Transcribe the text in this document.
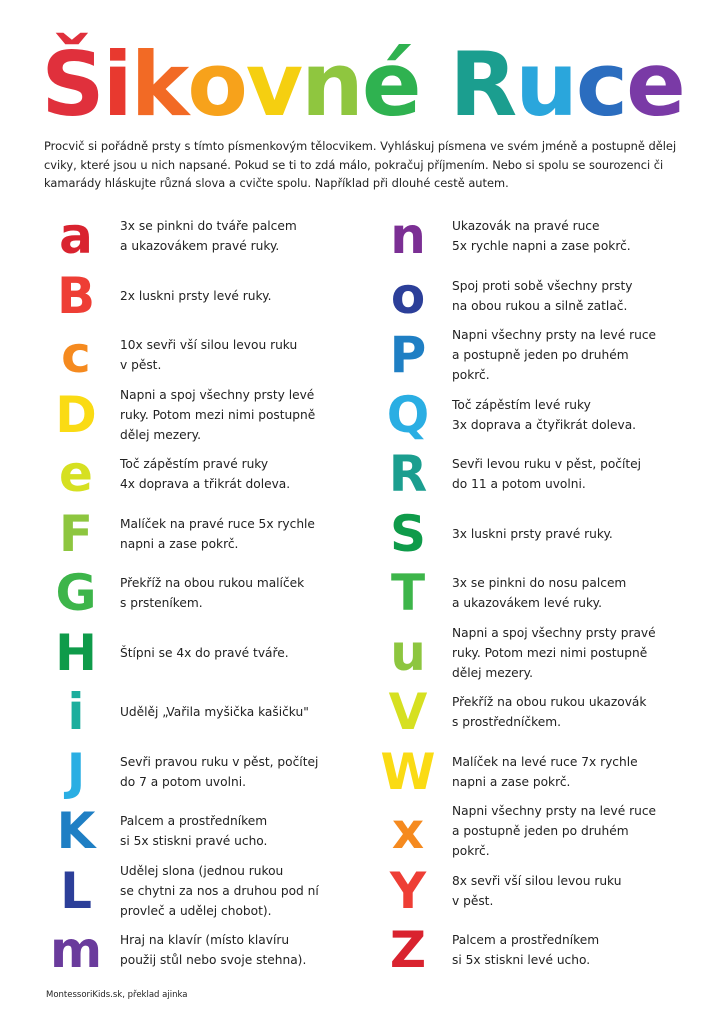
Š i k o v n é R u c e
Procvič si pořádně prsty s tímto písmenkovým tělocvikem. Vyhláskuj písmena ve svém jméně a postupně dělej
cviky, které jsou u nich napsané. Pokud se ti to zdá málo, pokračuj příjmením. Nebo si spolu se sourozenci či
kamarády hláskujte různá slova a cvičte spolu. Například při dlouhé cestě autem.
a	3x se pinkni do tváře palcem
a ukazovákem pravé ruky.
B	2x luskni prsty levé ruky.
c	10x sevři vší silou levou ruku
v pěst.
D	Napni a spoj všechny prsty levé
ruky. Potom mezi nimi postupně
dělej mezery.
e	Toč zápěstím pravé ruky
4x doprava a třikrát doleva.
F	Malíček na pravé ruce 5x rychle
napni a zase pokrč.
G	Překříž na obou rukou malíček
s prsteníkem.
H	Štípni se 4x do pravé tváře.
i	Udělěj „Vařila myšička kašičku"
J	Sevři pravou ruku v pěst, počítej
do 7 a potom uvolni.
K	Palcem a prostředníkem
si 5x stiskni pravé ucho.
L	Udělej slona (jednou rukou
se chytni za nos a druhou pod ní
provleč a udělej chobot).
m	Hraj na klavír (místo klavíru
použij stůl nebo svoje stehna).
n	Ukazovák na pravé ruce
5x rychle napni a zase pokrč.
o	Spoj proti sobě všechny prsty
na obou rukou a silně zatlač.
P	Napni všechny prsty na levé ruce
a postupně jeden po druhém
pokrč.
Q	Toč zápěstím levé ruky
3x doprava a čtyřikrát doleva.
R	Sevři levou ruku v pěst, počítej
do 11 a potom uvolni.
S	3x luskni prsty pravé ruky.
T	3x se pinkni do nosu palcem
a ukazovákem levé ruky.
u	Napni a spoj všechny prsty pravé
ruky. Potom mezi nimi postupně
dělej mezery.
V	Překříž na obou rukou ukazovák
s prostředníčkem.
W Malíček na levé ruce 7x rychle
napni a zase pokrč.
x	Napni všechny prsty na levé ruce
a postupně jeden po druhém
pokrč.
Y	8x sevři vší silou levou ruku
v pěst.
Z	Palcem a prostředníkem
si 5x stiskni levé ucho.
MontessoriKids.sk, překlad ajinka
